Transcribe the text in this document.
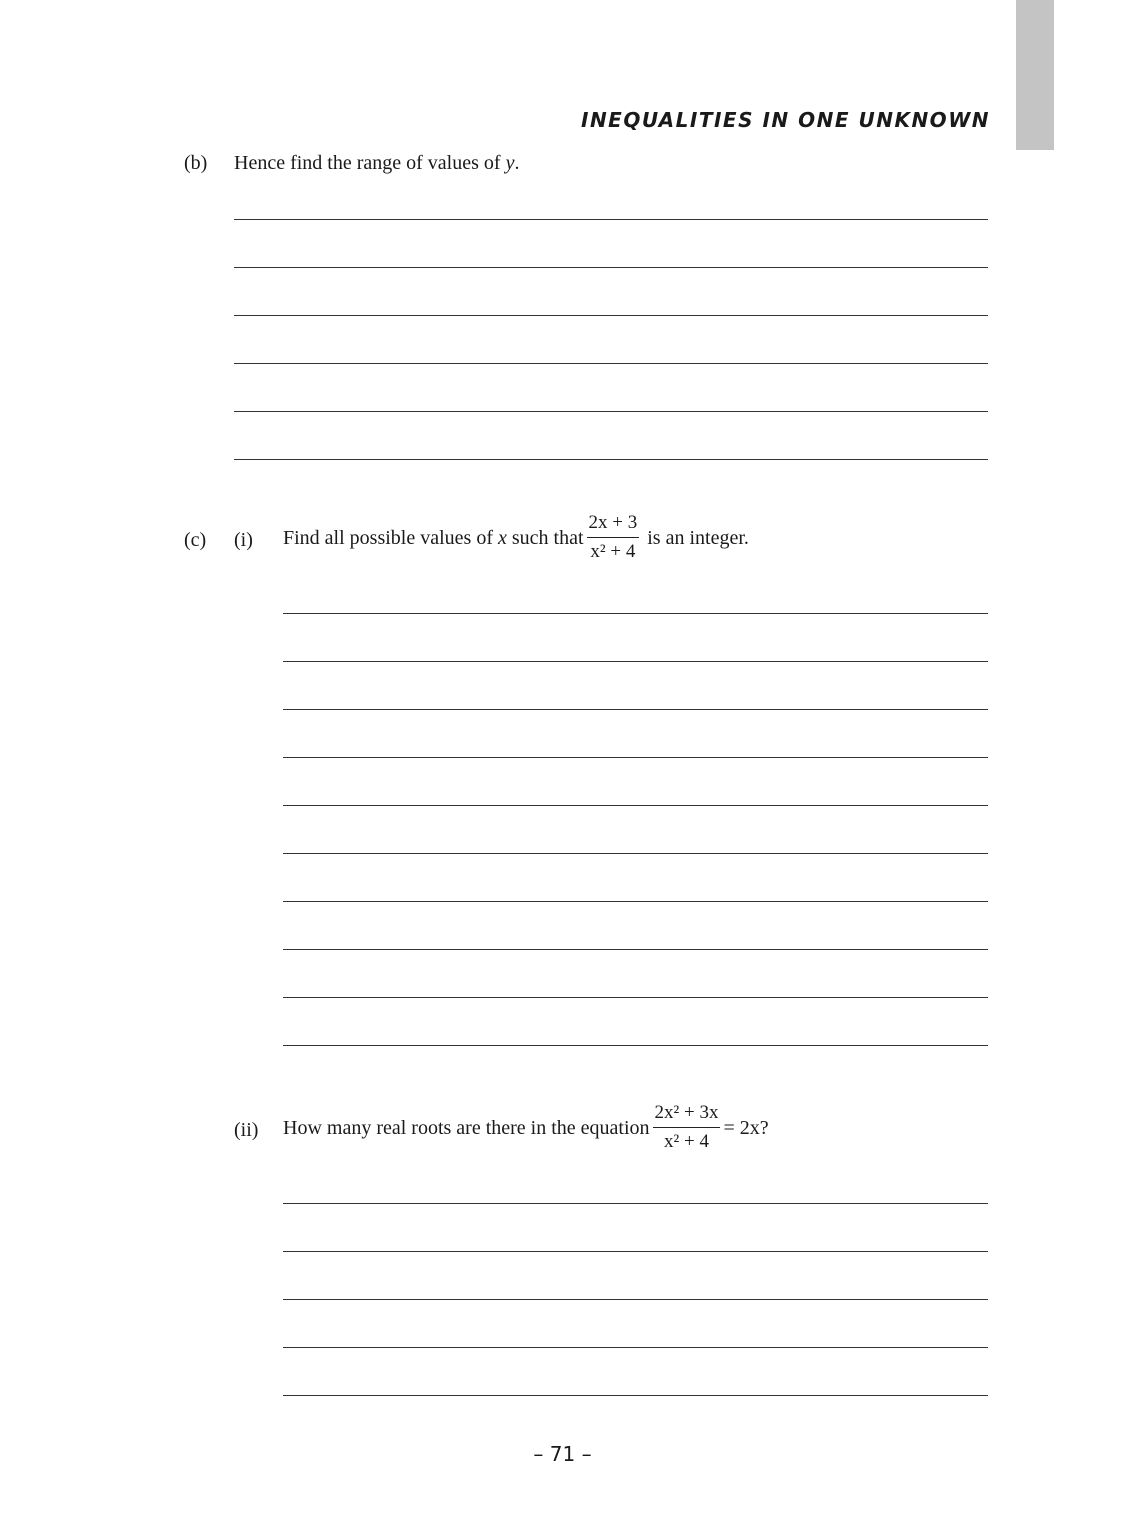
INEQUALITIES IN ONE UNKNOWN
(b) Hence find the range of values of y.
(c) (i) Find all possible values of x such that $\frac{2x + 3}{\text{x² + 4}}$ is an integer.
(ii) How many real roots are there in the equation $\frac{\text{2x² + 3x}}{\text{x² + 4}} = 2x$?
– 71 –
